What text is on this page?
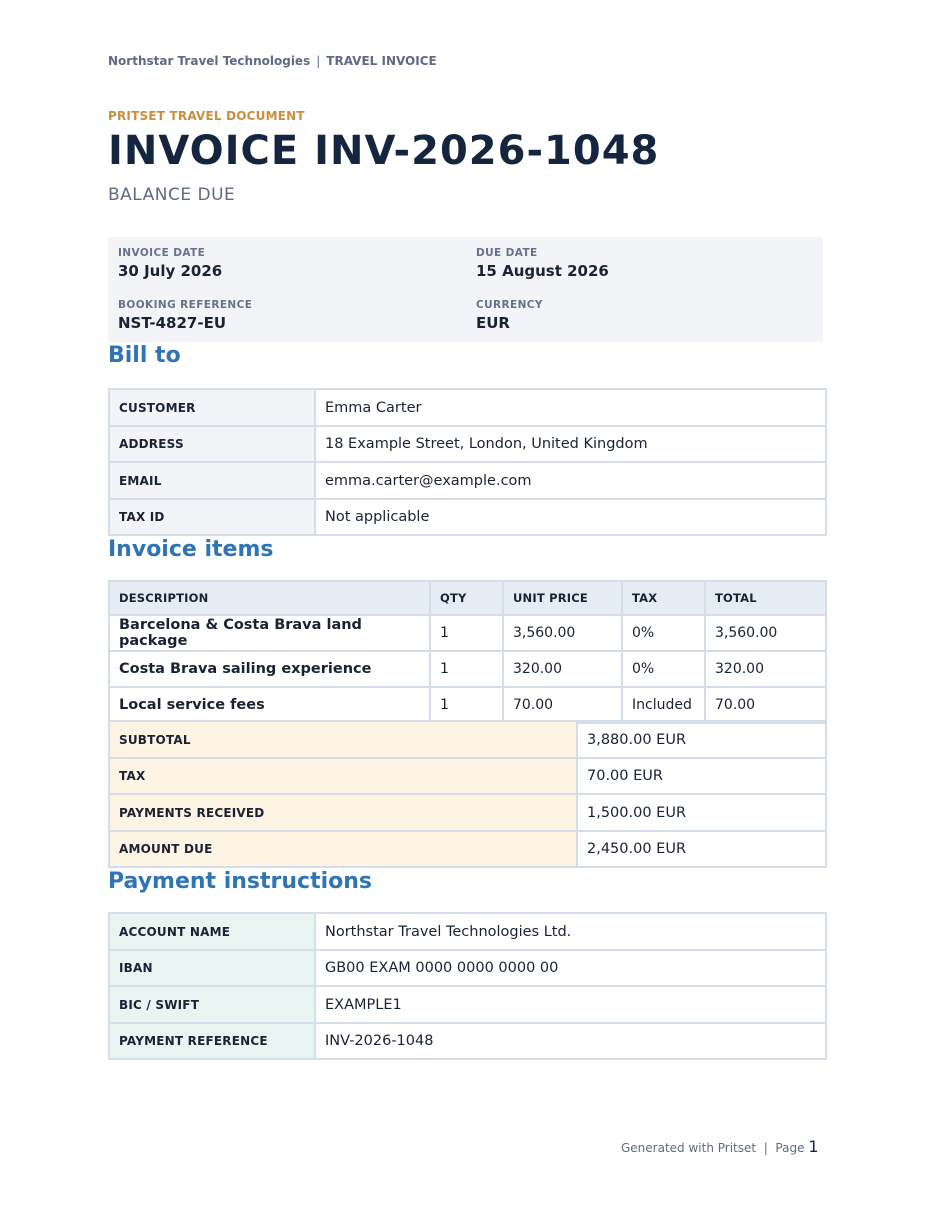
Northstar Travel Technologies | TRAVEL INVOICE
PRITSET TRAVEL DOCUMENT
INVOICE INV-2026-1048
BALANCE DUE
INVOICE DATE
30 July 2026
DUE DATE
15 August 2026
BOOKING REFERENCE
NST-4827-EU
CURRENCY
EUR
Bill to
CUSTOMER	Emma Carter
ADDRESS	18 Example Street, London, United Kingdom
EMAIL	emma.carter@example.com
TAX ID	Not applicable
Invoice items
DESCRIPTION	QTY	UNIT PRICE	TAX	TOTAL
Barcelona & Costa Brava land package	1	3,560.00	0%	3,560.00
Costa Brava sailing experience	1	320.00	0%	320.00
Local service fees	1	70.00	Included	70.00
SUBTOTAL	3,880.00 EUR
TAX	70.00 EUR
PAYMENTS RECEIVED	1,500.00 EUR
AMOUNT DUE	2,450.00 EUR
Payment instructions
ACCOUNT NAME	Northstar Travel Technologies Ltd.
IBAN	GB00 EXAM 0000 0000 0000 00
BIC / SWIFT	EXAMPLE1
PAYMENT REFERENCE	INV-2026-1048
Generated with Pritset | Page 1
